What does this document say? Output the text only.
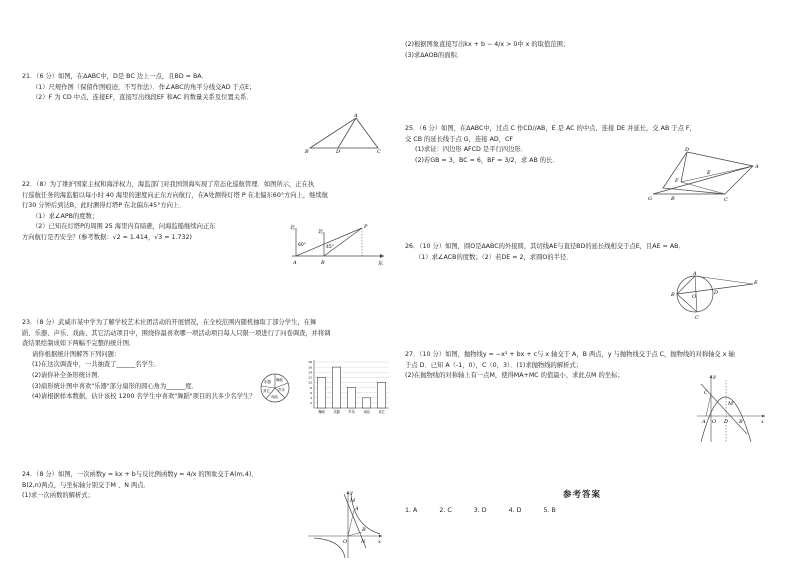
21．（6 分）如图，在∆ABC中，D是 BC 边上一点，且BD = BA．

（1）尺规作图（保留作图痕迹，不写作法）．作∠ABC的角平分线交AD 于点E；

（2）F 为 CD 中点，连接EF，直接写出线段EF 和AC 的数量关系及位置关系．

B
A
D	C

22．（8）为了维护国家主权和海洋权力，海监部门对我国领海实现了常态化巡航管理．如图所示，正在执

行巡航任务的海监船以每小时 40 海里的速度向正东方向航行，在A处测得灯塔 P 在北偏东60°方向上，继续航

行30 分钟后到达B，此时测得灯塔P 在北偏东45°方向上．

（1）求∠APB的度数；

（2）已知在灯塔P的周围 25 海里内有暗礁，问海监船继续向正东

方向航行是否安全？(参考数据：√2 = 1.414，√3 = 1.732)

北
北
60°	45°
P
A	B	东

23．（8 分）武威市某中学为了解学校艺术社团活动的开展情况，在全校范围内随机抽取了部分学生，在舞

蹈、乐器、声乐、戏曲、其它活动项目中，围绕你最喜欢哪一项活动项目每人只限一项进行了问卷调查，并将调

查结果绘制成如下两幅不完整的统计图．

请你根据统计图解答下列问题：

(1)在这次调查中，一共抽查了______名学生．

(2)请你补全条形统计图．

(3)扇形统计图中喜欢"乐器"部分扇形的圆心角为______度．

(4)请根据样本数据，估计该校 1200 名学生中喜欢"舞蹈"项目的共多少名学生？

舞蹈
声乐
戏曲
其它
乐器
18
16
14
12
10
8
6
4
2
舞蹈	乐器	声乐	戏曲	其它

24．（8 分）如图，一次函数y = kx + b与反比例函数y = 4/x 的图象交于A(m,4)、

B(2,n)两点，与坐标轴分别交于M 、N 两点．

(1)求一次函数的解析式；	y
x
O
A
B
M
N

(2)根据图象直接写出kx + b − 4/x > 0中 x 的取值范围；

(3)求∆AOB的面积．

25．（6 分）如图，在∆ABC中，过点 C 作CD//AB，E 是 AC 的中点，连接 DE 并延长，交 AB 于点 F，

交 CB 的延长线于点 G，连接 AD，CF

(1)求证：四边形 AFCD 是平行四边形．

(2)若GB = 3，BC = 6，BF = 3/2，求 AB 的长．

D
A
E
F
G	B	C

26．（10 分）如图，圆O是∆ABC的外接圆，其切线AE与直径BD的延长线相交于点E，且AE = AB．

（1）求∠ACB的度数；（2）若DE = 2，求圆O的半径．

A
B	O
C
D
E

27．（10 分）如图，抛物线y = −x² + bx + c与 x 轴交于 A，B 两点，y 与抛物线交于点 C，抛物线的对称轴交 x 轴

于点 D．已知 A（-1，0），C（0，3）．(1)求抛物线的解析式；

(2)在抛物线的对称轴上有一点M，使得MA+MC 的值最小，求此点M 的坐标；	y
x
A O D B
C
M
参考答案
1. A	2. C	3. D	4. D	5. B
